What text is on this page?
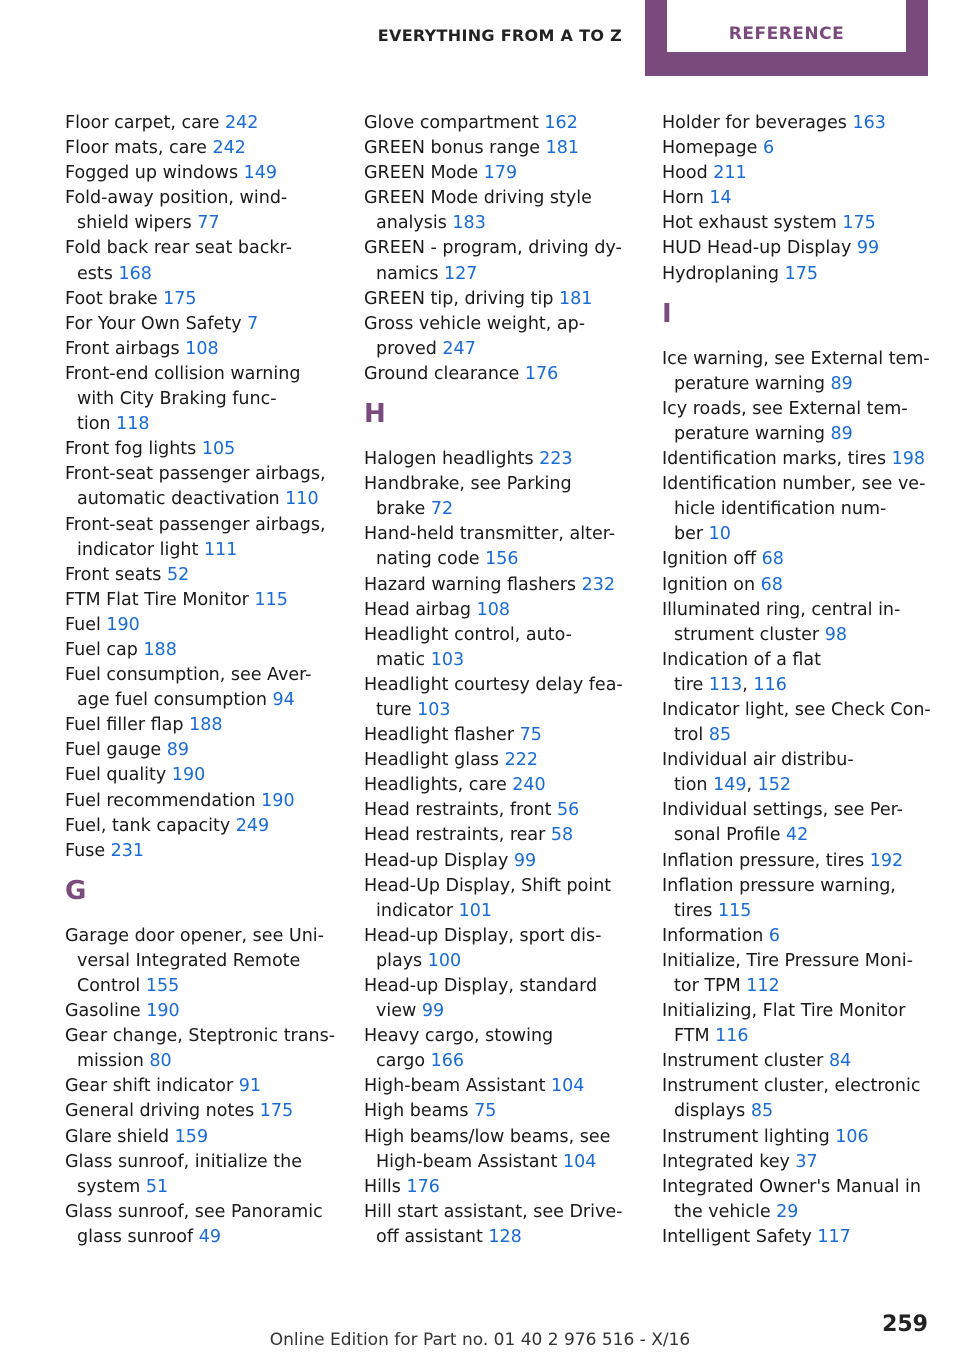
EVERYTHING FROM A TO Z	REFERENCE
Floor carpet, care 242
Floor mats, care 242
Fogged up windows 149
Fold-away position, wind-
shield wipers 77
Fold back rear seat backr-
ests 168
Foot brake 175
For Your Own Safety 7
Front airbags 108
Front-end collision warning
with City Braking func-
tion 118
Front fog lights 105
Front-seat passenger airbags,
automatic deactivation 110
Front-seat passenger airbags,
indicator light 111
Front seats 52
FTM Flat Tire Monitor 115
Fuel 190
Fuel cap 188
Fuel consumption, see Aver-
age fuel consumption 94
Fuel filler flap 188
Fuel gauge 89
Fuel quality 190
Fuel recommendation 190
Fuel, tank capacity 249
Fuse 231
G
Garage door opener, see Uni-
versal Integrated Remote
Control 155
Gasoline 190
Gear change, Steptronic trans-
mission 80
Gear shift indicator 91
General driving notes 175
Glare shield 159
Glass sunroof, initialize the
system 51
Glass sunroof, see Panoramic
glass sunroof 49
Glove compartment 162
GREEN bonus range 181
GREEN Mode 179
GREEN Mode driving style
analysis 183
GREEN - program, driving dy-
namics 127
GREEN tip, driving tip 181
Gross vehicle weight, ap-
proved 247
Ground clearance 176
H
Halogen headlights 223
Handbrake, see Parking
brake 72
Hand-held transmitter, alter-
nating code 156
Hazard warning flashers 232
Head airbag 108
Headlight control, auto-
matic 103
Headlight courtesy delay fea-
ture 103
Headlight flasher 75
Headlight glass 222
Headlights, care 240
Head restraints, front 56
Head restraints, rear 58
Head-up Display 99
Head-Up Display, Shift point
indicator 101
Head-up Display, sport dis-
plays 100
Head-up Display, standard
view 99
Heavy cargo, stowing
cargo 166
High-beam Assistant 104
High beams 75
High beams/low beams, see
High-beam Assistant 104
Hills 176
Hill start assistant, see Drive-
off assistant 128
Holder for beverages 163
Homepage 6
Hood 211
Horn 14
Hot exhaust system 175
HUD Head-up Display 99
Hydroplaning 175
I
Ice warning, see External tem-
perature warning 89
Icy roads, see External tem-
perature warning 89
Identification marks, tires 198
Identification number, see ve-
hicle identification num-
ber 10
Ignition off 68
Ignition on 68
Illuminated ring, central in-
strument cluster 98
Indication of a flat
tire 113, 116
Indicator light, see Check Con-
trol 85
Individual air distribu-
tion 149, 152
Individual settings, see Per-
sonal Profile 42
Inflation pressure, tires 192
Inflation pressure warning,
tires 115
Information 6
Initialize, Tire Pressure Moni-
tor TPM 112
Initializing, Flat Tire Monitor
FTM 116
Instrument cluster 84
Instrument cluster, electronic
displays 85
Instrument lighting 106
Integrated key 37
Integrated Owner's Manual in
the vehicle 29
Intelligent Safety 117
259
Online Edition for Part no. 01 40 2 976 516 - X/16
